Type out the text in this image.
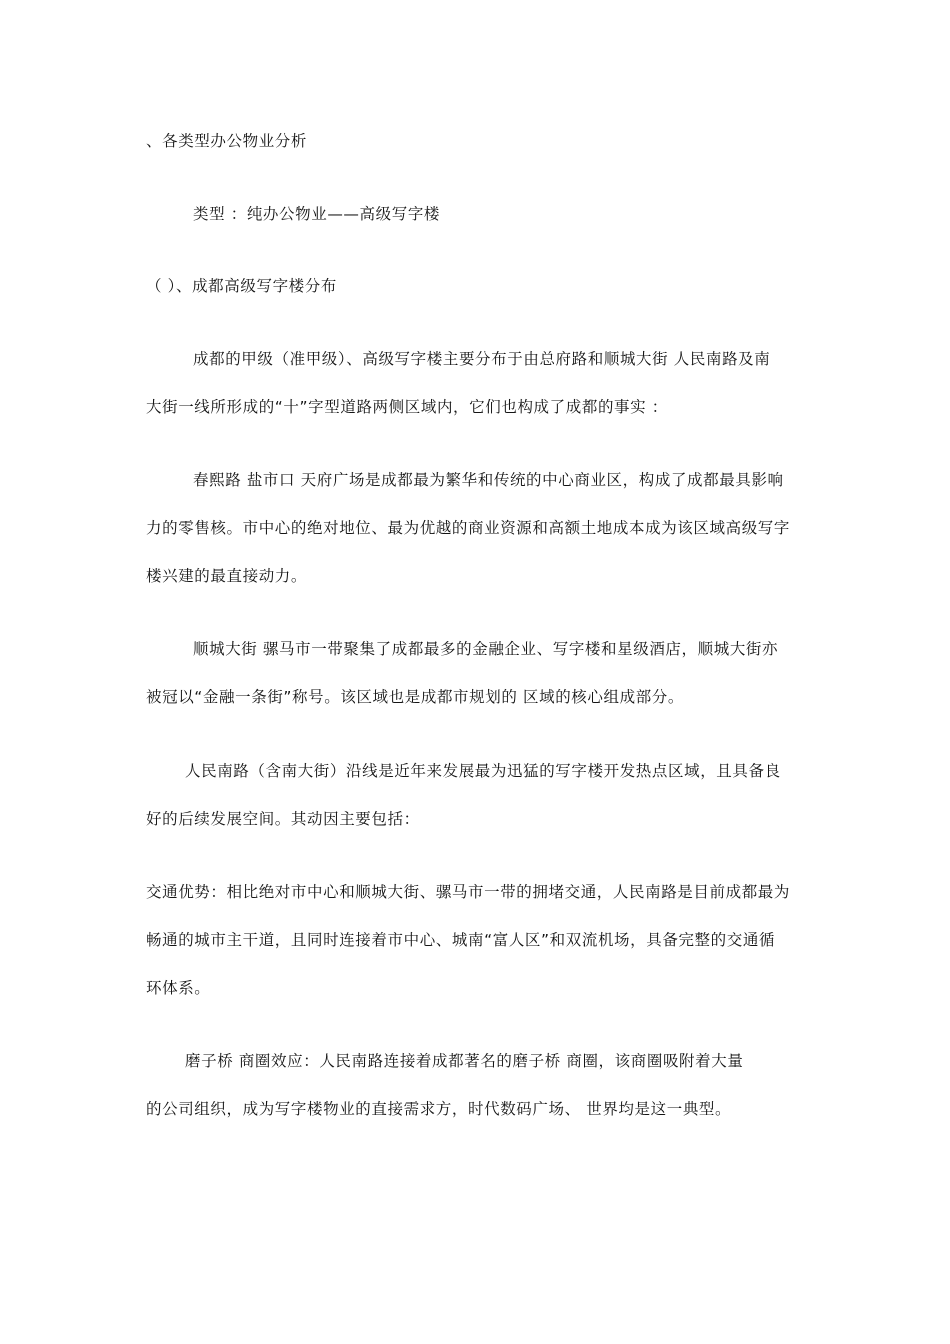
、各类型办公物业分析
类型 ：纯办公物业——高级写字楼
（ ）、成都高级写字楼分布
成都的甲级（准甲级）、高级写字楼主要分布于由总府路和顺城大街 人民南路及南
大街一线所形成的“十”字型道路两侧区域内，它们也构成了成都的事实 ：
春熙路 盐市口 天府广场是成都最为繁华和传统的中心商业区，构成了成都最具影响
力的零售核。市中心的绝对地位、最为优越的商业资源和高额土地成本成为该区域高级写字
楼兴建的最直接动力。
顺城大街 骡马市一带聚集了成都最多的金融企业、写字楼和星级酒店，顺城大街亦
被冠以“金融一条街”称号。该区域也是成都市规划的 区域的核心组成部分。
人民南路（含南大街）沿线是近年来发展最为迅猛的写字楼开发热点区域，且具备良
好的后续发展空间。其动因主要包括：
交通优势：相比绝对市中心和顺城大街、骡马市一带的拥堵交通，人民南路是目前成都最为
畅通的城市主干道，且同时连接着市中心、城南“富人区”和双流机场，具备完整的交通循
环体系。
磨子桥 商圈效应：人民南路连接着成都著名的磨子桥 商圈，该商圈吸附着大量
的公司组织，成为写字楼物业的直接需求方，时代数码广场、 世界均是这一典型。
